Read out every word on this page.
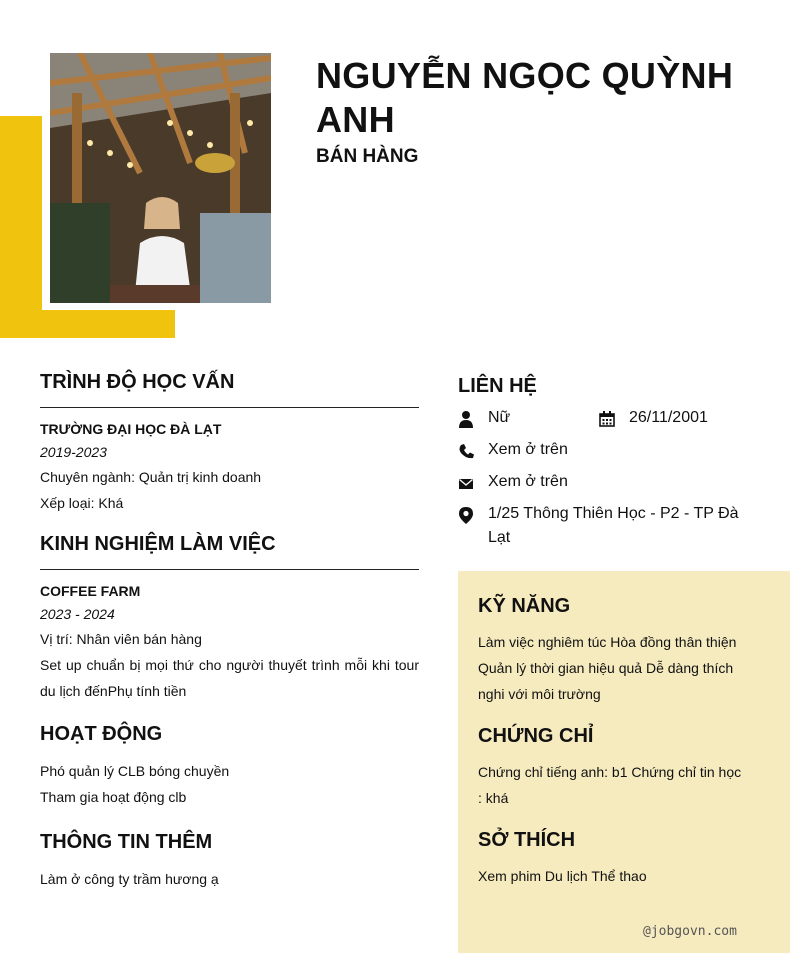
NGUYỄN NGỌC QUỲNH ANH
BÁN HÀNG
TRÌNH ĐỘ HỌC VẤN
TRƯỜNG ĐẠI HỌC ĐÀ LẠT
2019-2023
Chuyên ngành: Quản trị kinh doanh
Xếp loại: Khá
KINH NGHIỆM LÀM VIỆC
COFFEE FARM
2023 - 2024
Vị trí: Nhân viên bán hàng
Set up chuẩn bị mọi thứ cho người thuyết trình mỗi khi tour du lịch đếnPhụ tính tiền
HOẠT ĐỘNG
Phó quản lý CLB bóng chuyền
Tham gia hoạt động clb
THÔNG TIN THÊM
Làm ở công ty trầm hương ạ
LIÊN HỆ
Nữ	26/11/2001
Xem ở trên
Xem ở trên
1/25 Thông Thiên Học - P2 - TP Đà Lạt
KỸ NĂNG
Làm việc nghiêm túc Hòa đồng thân thiện Quản lý thời gian hiệu quả Dễ dàng thích nghi với môi trường
CHỨNG CHỈ
Chứng chỉ tiếng anh: b1 Chứng chỉ tin học : khá
SỞ THÍCH
Xem phim Du lịch Thể thao
@jobgovn.com
